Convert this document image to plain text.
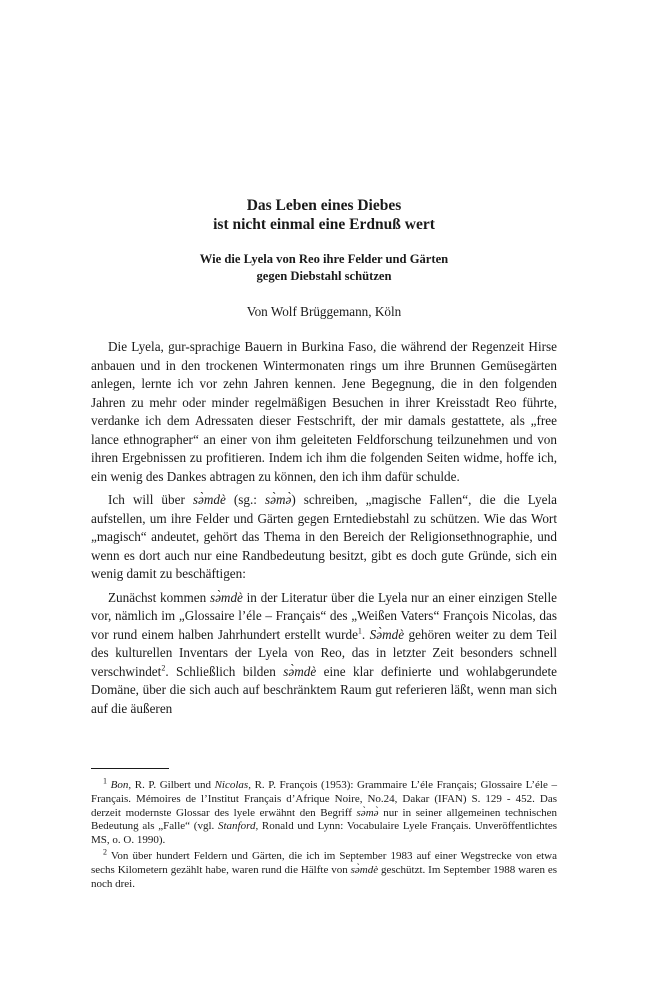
Das Leben eines Diebes
ist nicht einmal eine Erdnuß wert
Wie die Lyela von Reo ihre Felder und Gärten
gegen Diebstahl schützen
Von Wolf Brüggemann, Köln

Die Lyela, gur-sprachige Bauern in Burkina Faso, die während der Regenzeit Hirse anbauen und in den trockenen Wintermonaten rings um ihre Brunnen Gemüsegärten anlegen, lernte ich vor zehn Jahren kennen. Jene Begegnung, die in den folgenden Jahren zu mehr oder minder regelmäßigen Besuchen in ihrer Kreisstadt Reo führte, verdanke ich dem Adressaten dieser Festschrift, der mir damals gestattete, als „free lance ethnographer“ an einer von ihm geleiteten Feldforschung teilzunehmen und von ihren Ergebnissen zu profitieren. Indem ich ihm die folgenden Seiten widme, hoffe ich, ein wenig des Dankes abtragen zu können, den ich ihm dafür schulde.

Ich will über sə̀mdè (sg.: sə̀mə̀) schreiben, „magische Fallen“, die die Lyela aufstellen, um ihre Felder und Gärten gegen Erntediebstahl zu schützen. Wie das Wort „magisch“ andeutet, gehört das Thema in den Bereich der Religionsethnographie, und wenn es dort auch nur eine Randbedeutung besitzt, gibt es doch gute Gründe, sich ein wenig damit zu beschäftigen:

Zunächst kommen sə̀mdè in der Literatur über die Lyela nur an einer einzigen Stelle vor, nämlich im „Glossaire l’éle – Français“ des „Weißen Vaters“ François Nicolas, das vor rund einem halben Jahrhundert erstellt wurde$^1$. Sə̀mdè gehören weiter zu dem Teil des kulturellen Inventars der Lyela von Reo, das in letzter Zeit besonders schnell verschwindet$^2$. Schließlich bilden sə̀mdè eine klar definierte und wohlabgerundete Domäne, über die sich auch auf beschränktem Raum gut referieren läßt, wenn man sich auf die äußeren

$^1$ Bon, R. P. Gilbert und Nicolas, R. P. François (1953): Grammaire L’éle Français; Glossaire L’éle – Français. Mémoires de l’Institut Français d’Afrique Noire, No.24, Dakar (IFAN) S. 129 - 452. Das derzeit modernste Glossar des lyele erwähnt den Begriff sə̀mə̀ nur in seiner allgemeinen technischen Bedeutung als „Falle“ (vgl. Stanford, Ronald und Lynn: Vocabulaire Lyele Français. Unveröffentlichtes MS, o. O. 1990).

$^2$ Von über hundert Feldern und Gärten, die ich im September 1983 auf einer Wegstrecke von etwa sechs Kilometern gezählt habe, waren rund die Hälfte von sə̀mdè geschützt. Im September 1988 waren es noch drei.
